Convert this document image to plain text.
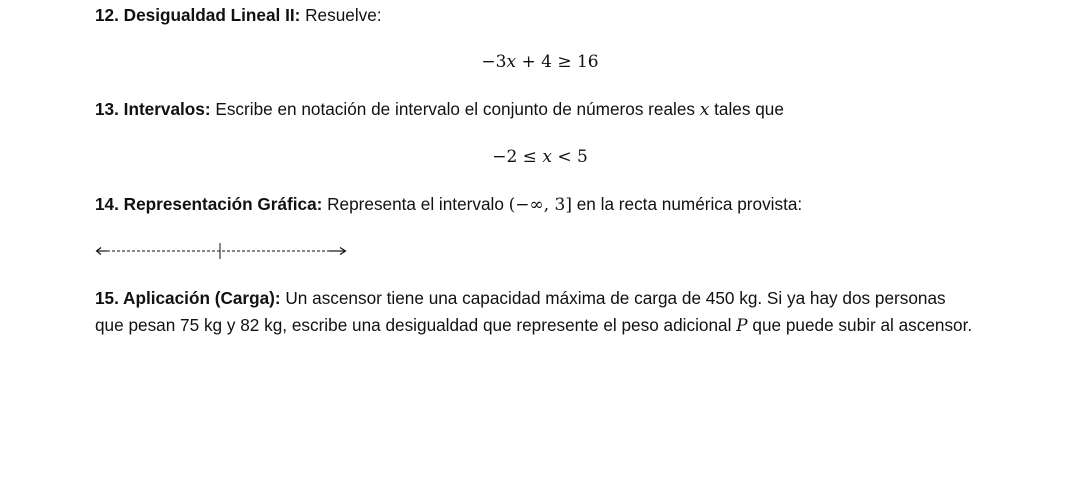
12. Desigualdad Lineal II: Resuelve:
−3x + 4 ≥ 16
13. Intervalos: Escribe en notación de intervalo el conjunto de números reales x tales que
−2 ≤ x < 5
14. Representación Gráfica: Representa el intervalo (−∞, 3] en la recta numérica provista:
15. Aplicación (Carga): Un ascensor tiene una capacidad máxima de carga de 450 kg. Si ya hay dos personas que pesan 75 kg y 82 kg, escribe una desigualdad que represente el peso adicional P que puede subir al ascensor.
